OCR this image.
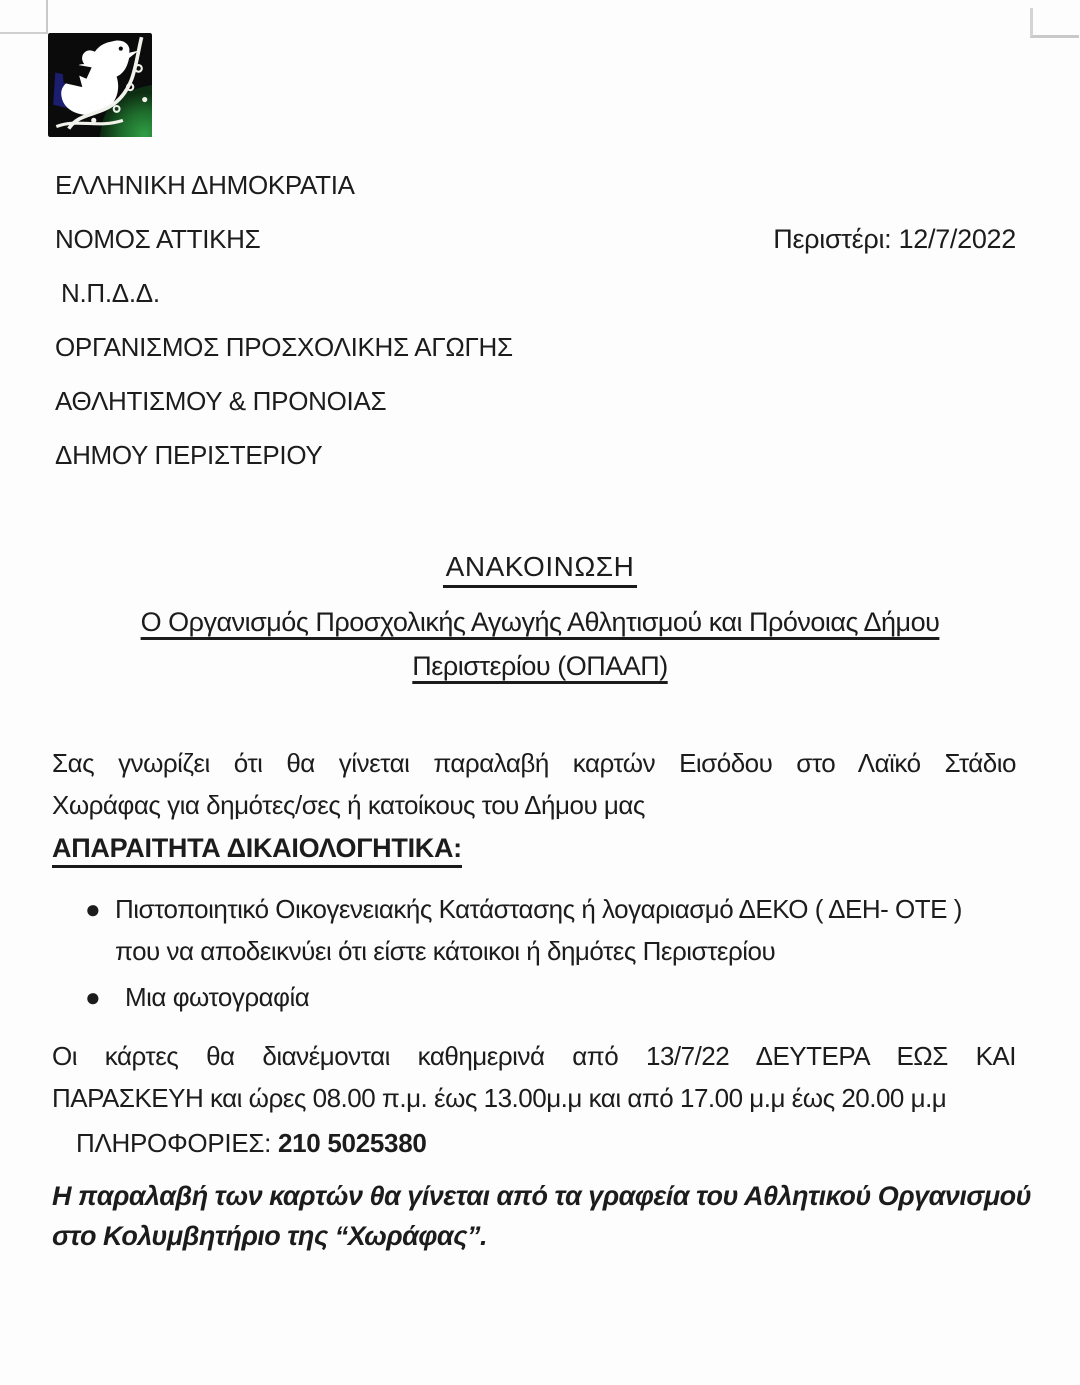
ΕΛΛΗΝΙΚΗ ΔΗΜΟΚΡΑΤΙΑ
ΝΟΜΟΣ ΑΤΤΙΚΗΣ
Ν.Π.Δ.Δ.
ΟΡΓΑΝΙΣΜΟΣ ΠΡΟΣΧΟΛΙΚΗΣ ΑΓΩΓΗΣ
ΑΘΛΗΤΙΣΜΟΥ & ΠΡΟΝΟΙΑΣ
ΔΗΜΟΥ ΠΕΡΙΣΤΕΡΙΟΥ
Περιστέρι: 12/7/2022
ΑΝΑΚΟΙΝΩΣΗ
Ο Οργανισμός Προσχολικής Αγωγής Αθλητισμού και Πρόνοιας Δήμου
Περιστερίου (ΟΠΑΑΠ)
Σας γνωρίζει ότι θα γίνεται παραλαβή καρτών Εισόδου στο Λαϊκό Στάδιο
Χωράφας για δημότες/σες ή κατοίκους του Δήμου μας
ΑΠΑΡΑΙΤΗΤΑ ΔΙΚΑΙΟΛΟΓΗΤΙΚΑ:
● Πιστοποιητικό Οικογενειακής Κατάστασης ή λογαριασμό ΔΕΚΟ ( ΔΕΗ- ΟΤΕ )
που να αποδεικνύει ότι είστε κάτοικοι ή δημότες Περιστερίου
● Μια φωτογραφία
Οι κάρτες θα διανέμονται καθημερινά από 13/7/22 ΔΕΥΤΕΡΑ ΕΩΣ ΚΑΙ
ΠΑΡΑΣΚΕΥΗ και ώρες 08.00 π.μ. έως 13.00μ.μ και από 17.00 μ.μ έως 20.00 μ.μ
ΠΛΗΡΟΦΟΡΙΕΣ: 210 5025380
Η παραλαβή των καρτών θα γίνεται από τα γραφεία του Αθλητικού Οργανισμού
στο Κολυμβητήριο της “Χωράφας”.
